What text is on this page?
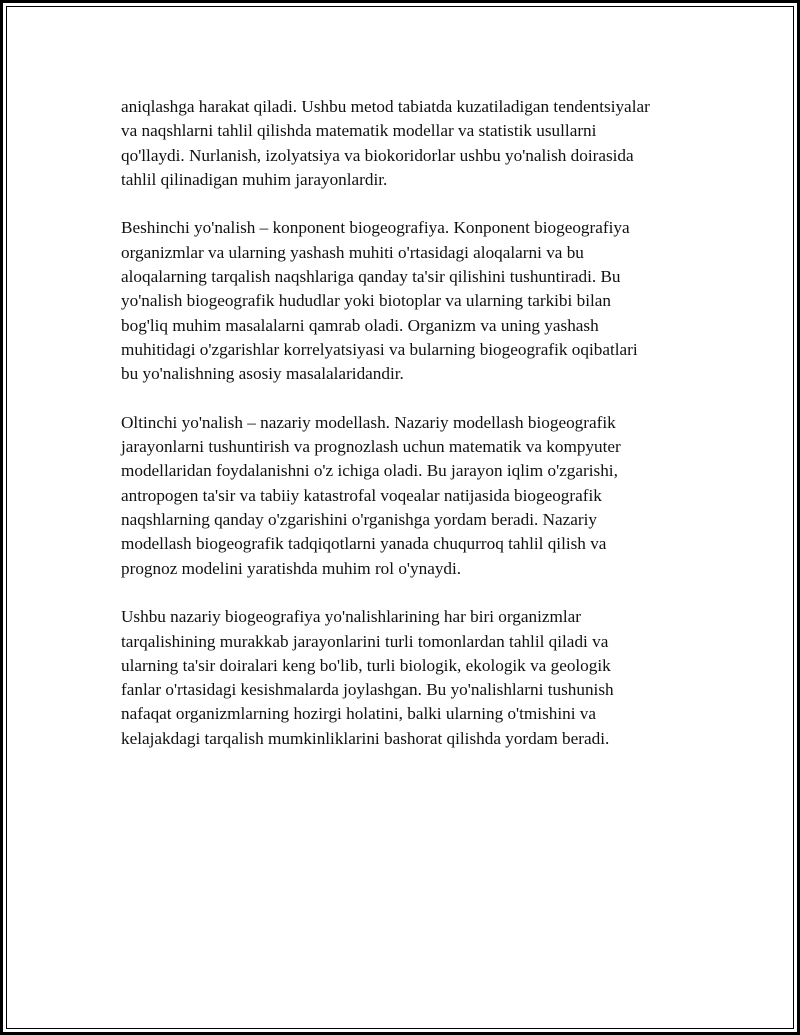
aniqlashga harakat qiladi. Ushbu metod tabiatda kuzatiladigan tendentsiyalar
va naqshlarni tahlil qilishda matematik modellar va statistik usullarni
qo'llaydi. Nurlanish, izolyatsiya va biokoridorlar ushbu yo'nalish doirasida
tahlil qilinadigan muhim jarayonlardir.

Beshinchi yo'nalish – konponent biogeografiya. Konponent biogeografiya
organizmlar va ularning yashash muhiti o'rtasidagi aloqalarni va bu
aloqalarning tarqalish naqshlariga qanday ta'sir qilishini tushuntiradi. Bu
yo'nalish biogeografik hududlar yoki biotoplar va ularning tarkibi bilan
bog'liq muhim masalalarni qamrab oladi. Organizm va uning yashash
muhitidagi o'zgarishlar korrelyatsiyasi va bularning biogeografik oqibatlari
bu yo'nalishning asosiy masalalaridandir.

Oltinchi yo'nalish – nazariy modellash. Nazariy modellash biogeografik
jarayonlarni tushuntirish va prognozlash uchun matematik va kompyuter
modellaridan foydalanishni o'z ichiga oladi. Bu jarayon iqlim o'zgarishi,
antropogen ta'sir va tabiiy katastrofal voqealar natijasida biogeografik
naqshlarning qanday o'zgarishini o'rganishga yordam beradi. Nazariy
modellash biogeografik tadqiqotlarni yanada chuqurroq tahlil qilish va
prognoz modelini yaratishda muhim rol o'ynaydi.

Ushbu nazariy biogeografiya yo'nalishlarining har biri organizmlar
tarqalishining murakkab jarayonlarini turli tomonlardan tahlil qiladi va
ularning ta'sir doiralari keng bo'lib, turli biologik, ekologik va geologik
fanlar o'rtasidagi kesishmalarda joylashgan. Bu yo'nalishlarni tushunish
nafaqat organizmlarning hozirgi holatini, balki ularning o'tmishini va
kelajakdagi tarqalish mumkinliklarini bashorat qilishda yordam beradi.
